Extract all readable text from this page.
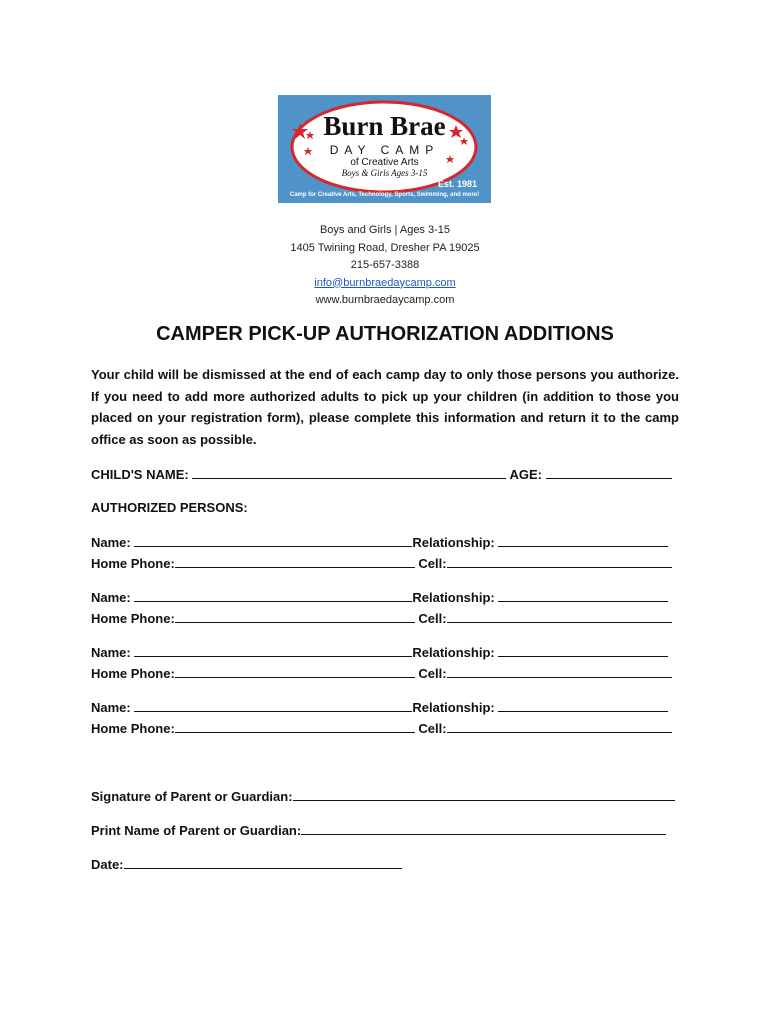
Burn Brae
DAY CAMP
of Creative Arts
Boys & Girls Ages 3-15
Est. 1981
Camp for Creative Arts, Technology, Sports, Swimming, and more!
Boys and Girls | Ages 3-15
1405 Twining Road, Dresher PA 19025
215-657-3388
info@burnbraedaycamp.com
www.burnbraedaycamp.com
CAMPER PICK-UP AUTHORIZATION ADDITIONS

Your child will be dismissed at the end of each camp day to only those persons you authorize. If you need to add more authorized adults to pick up your children (in addition to those you placed on your registration form), please complete this information and return it to the camp office as soon as possible.

CHILD'S NAME:	AGE:
AUTHORIZED PERSONS:
Name:	Relationship:
Home Phone:	Cell:
Name:	Relationship:
Home Phone:	Cell:
Name:	Relationship:
Home Phone:	Cell:
Name:	Relationship:
Home Phone:	Cell:
Signature of Parent or Guardian:
Print Name of Parent or Guardian:
Date:
